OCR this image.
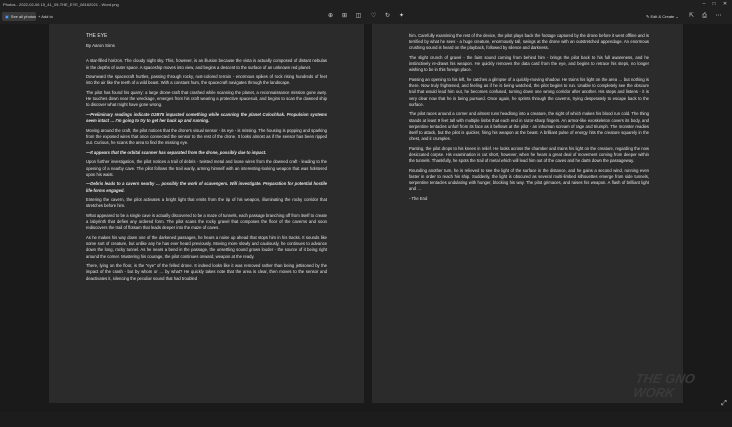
Photos - 2022-02-06 15_41_09-THE_EYE_08162021 - Word.png	–	□	✕
▣ See all photos + Add to	⊕	⊞	◫ ♡	↻	✦	✎ Edit & Create ⌄	⇱	⎙	⋯

THE EYE

By Aaron Sims

A star-filled horizon. The cloudy night sky. This, however, is an illusion because the vista is actually composed of distant nebulas in the depths of outer space. A spaceship moves into view, and begins a descent to the surface of an unknown red planet.

Downward the spacecraft hurtles, passing through rocky, rust-colored terrain - enormous spikes of rock rising hundreds of feet into the air like the teeth of a wild beast. With a constant hum, the spacecraft navigates through the landscape.

The pilot has found his quarry: a large drone-craft that crashed while scanning the planet, a reconnaissance mission gone awry. He touches down near the wreckage, emerges from his craft wearing a protective spacesuit, and begins to scan the downed ship to discover what might have gone wrong.

—Preliminary readings indicate D2B75 impacted something while scanning the planet Colochhak. Propulsion systems seem intact … I'm going to try to get her back up and running.

Moving around the craft, the pilot notices that the drone's visual sensor - its eye - is missing. The housing is popping and sparking from the exposed wires that once connected the sensor to the rest of the drone. It looks almost as if the sensor has been ripped out. Curious, he scans the area to find the missing eye.

—It appears that the orbital scanner has separated from the drone, possibly due to impact.

Upon further investigation, the pilot notices a trail of debris - twisted metal and loose wires from the downed craft - leading to the opening of a nearby cave. The pilot follows the trail warily, arming himself with an interesting-looking weapon that was holstered upon his waist.

—Debris leads to a cavern nearby … possibly the work of scavengers. Will investigate. Preparation for potential hostile life-forms engaged.

Entering the cavern, the pilot activates a bright light that emits from the tip of his weapon, illuminating the rocky corridor that stretches before him.

What appeared to be a single cave is actually discovered to be a maze of tunnels, each passage branching off from itself to create a labyrinth that defies any ordered form. The pilot scans the rocky gravel that composes the floor of the caverns and soon rediscovers the trail of flotsam that leads deeper into the maze of caves.

As he makes his way down one of the darkened passages, he hears a noise up ahead that stops him in his tracks. It sounds like some sort of creature, but unlike any he has ever heard previously. Moving more slowly and cautiously, he continues to advance down the long, rocky tunnel. As he nears a bend in the passage, the unsettling sound grows louder - the source of it being right around the corner. Mustering his courage, the pilot continues onward, weapon at the ready.

There, lying on the floor, is the "eye" of the felled drone. It indeed looks like it was removed rather than being jettisoned by the impact of the crash - but by whom or … by what? He quickly takes note that the area is clear, then moves to the sensor and deactivates it, silencing the peculiar sound that had troubled

him. Carefully examining the rest of the device, the pilot plays back the footage captured by the drone before it went offline and is terrified by what he sees - a huge creature, enormously tall, swings at the drone with an outstretched appendage. An enormous crushing sound is heard on the playback, followed by silence and darkness.

The slight crunch of gravel - the faint sound coming from behind him - brings the pilot back to his full awareness, and he instinctively re-draws his weapon. He quickly removes the data card from the eye, and begins to retrace his steps, no longer wishing to be in this foreign place.

Passing an opening to his left, he catches a glimpse of a quickly-moving shadow. He trains his light on the area … but nothing is there. Now truly frightened, and feeling as if he is being watched, the pilot begins to run. Unable to completely see the obscure trail that would lead him out, he becomes confused, turning down one wrong corridor after another. His steps and listens - it is very clear now that he is being pursued. Once again, he sprints through the caverns, trying desperately to escape back to the surface.

The pilot races around a corner and almost runs headlong into a creature, the sight of which makes his blood run cold. The thing stands at least 9 feet tall with multiple limbs that each end in razor-sharp fingers. An armor-like exoskeleton covers its body, and serpentine tentacles unfurl from its face as it bellows at the pilot - an inhuman scream of rage and triumph. The monster readies itself to attack, but the pilot is quicker, firing his weapon at the beast. A brilliant pulse of energy hits the creature squarely in the chest, and it crumples.

Panting, the pilot drops to his knees in relief. He looks across the chamber and trains his light on the creature, regarding the now desiccated corpse. His examination is cut short, however, when he hears a great deal of movement coming from deeper within the tunnels. Thankfully, he spots the trail of metal which will lead him out of the caves and he darts down the passageway.

Rounding another turn, he is relieved to see the light of the surface in the distance, and he gains a second wind, running even faster in order to reach his ship. Suddenly, the light is obscured as several multi-limbed silhouettes emerge from side tunnels, serpentine tentacles undulating with hunger, blocking his way. The pilot grimaces, and raises his weapon. A flash of brilliant light and …

- The End

THE GNO
WORK
⤢
